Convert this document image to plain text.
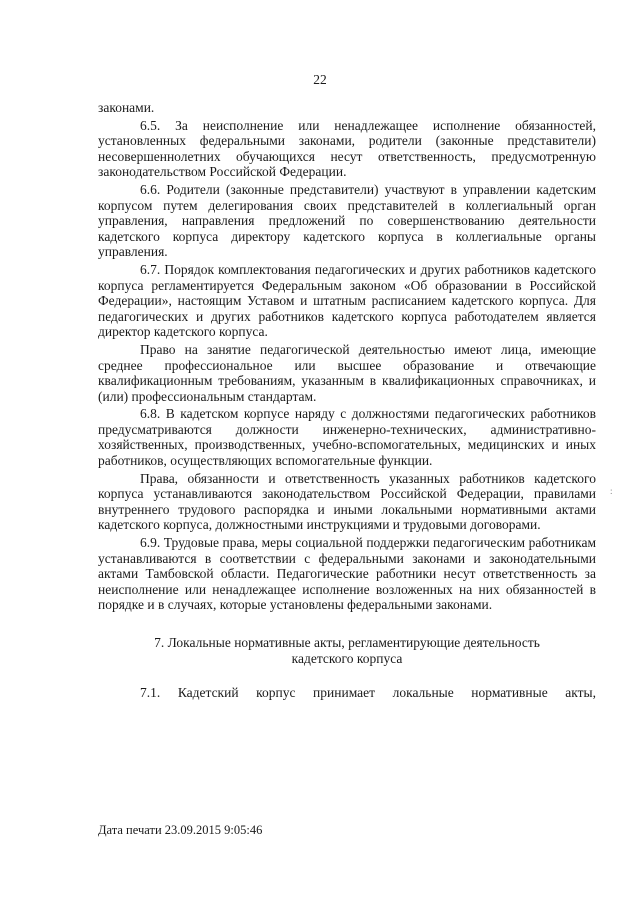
22

законами.

6.5. За неисполнение или ненадлежащее исполнение обязанностей, установленных федеральными законами, родители (законные представители) несовершеннолетних обучающихся несут ответственность, предусмотренную законодательством Российской Федерации.

6.6. Родители (законные представители) участвуют в управлении кадетским корпусом путем делегирования своих представителей в коллегиальный орган управления, направления предложений по совершенствованию деятельности кадетского корпуса директору кадетского корпуса в коллегиальные органы управления.

6.7. Порядок комплектования педагогических и других работников кадетского корпуса регламентируется Федеральным законом «Об образовании в Российской Федерации», настоящим Уставом и штатным расписанием кадетского корпуса. Для педагогических и других работников кадетского корпуса работодателем является директор кадетского корпуса.

Право на занятие педагогической деятельностью имеют лица, имеющие среднее профессиональное или высшее образование и отвечающие квалификационным требованиям, указанным в квалификационных справочниках, и (или) профессиональным стандартам.

6.8. В кадетском корпусе наряду с должностями педагогических работников предусматриваются должности инженерно-технических, административно-хозяйственных, производственных, учебно-вспомогательных, медицинских и иных работников, осуществляющих вспомогательные функции.

Права, обязанности и ответственность указанных работников кадетского корпуса устанавливаются законодательством Российской Федерации, правилами внутреннего трудового распорядка и иными локальными нормативными актами кадетского корпуса, должностными инструкциями и трудовыми договорами.

6.9. Трудовые права, меры социальной поддержки педагогическим работникам устанавливаются в соответствии с федеральными законами и законодательными актами Тамбовской области. Педагогические работники несут ответственность за неисполнение или ненадлежащее исполнение возложенных на них обязанностей в порядке и в случаях, которые установлены федеральными законами.

7. Локальные нормативные акты, регламентирующие деятельность
кадетского корпуса

7.1. Кадетский корпус принимает локальные нормативные акты,

Дата печати 23.09.2015 9:05:46
:
